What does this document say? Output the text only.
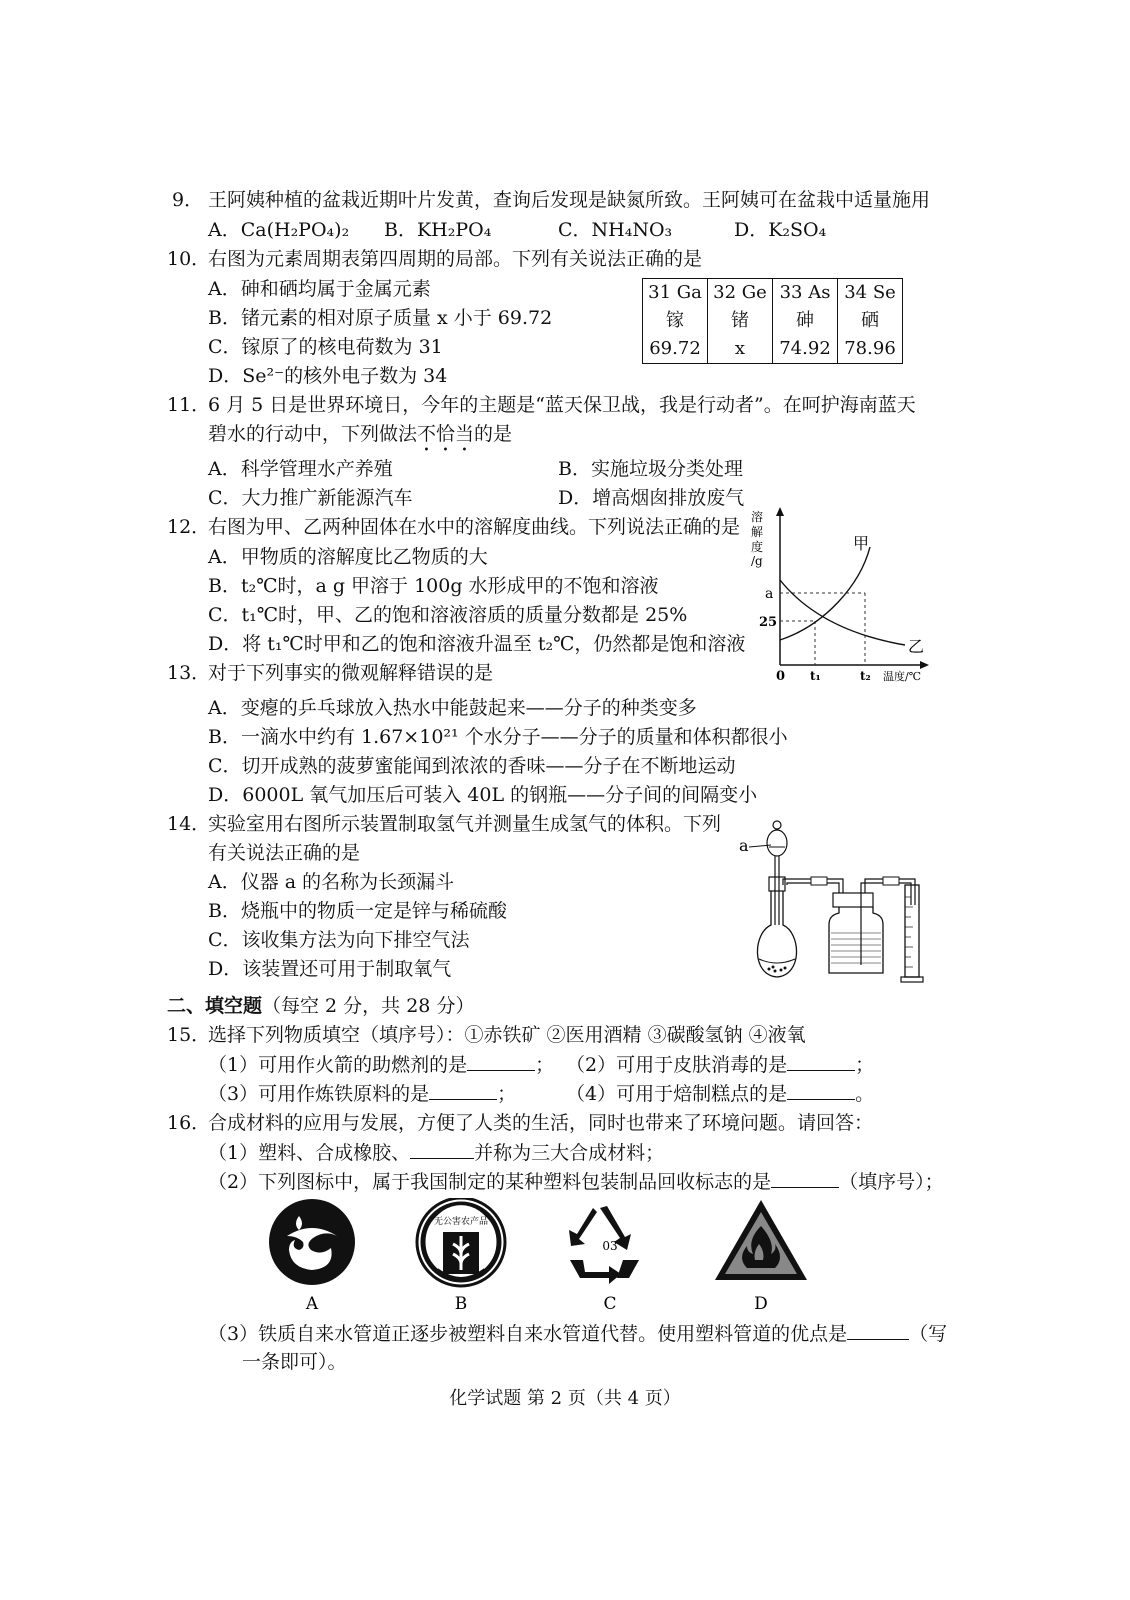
9． 王阿姨种植的盆栽近期叶片发黄，查询后发现是缺氮所致。王阿姨可在盆栽中适量施用
A．Ca(H₂PO₄)₂ B．KH₂PO₄	C．NH₄NO₃	D．K₂SO₄
10．
右图为元素周期表第四周期的局部。下列有关说法正确的是
A．砷和硒均属于金属元素
B．锗元素的相对原子质量 x 小于 69.72
C．镓原了的核电荷数为 31
D．Se²⁻的核外电子数为 34
31 Ga	32 Ge	33 As	34 Se
镓	锗	砷	硒
69.72	x	74.92	78.96
11．
6 月 5 日是世界环境日，今年的主题是“蓝天保卫战，我是行动者”。在呵护海南蓝天
碧水的行动中，下列做法不恰当的是
A．科学管理水产养殖	B．实施垃圾分类处理
C．大力推广新能源汽车	D．增高烟囱排放废气
12．
右图为甲、乙两种固体在水中的溶解度曲线。下列说法正确的是
A．甲物质的溶解度比乙物质的大
B．t₂℃时，a g 甲溶于 100g 水形成甲的不饱和溶液
C．t₁℃时，甲、乙的饱和溶液溶质的质量分数都是 25%
D．将 t₁℃时甲和乙的饱和溶液升温至 t₂℃，仍然都是饱和溶液
溶
解
度
/g
甲
乙
a
25
0 t₁	t₂ 温度/℃
13．
对于下列事实的微观解释错误的是
A．变瘪的乒乓球放入热水中能鼓起来——分子的种类变多
B．一滴水中约有 1.67×10²¹ 个水分子——分子的质量和体积都很小
C．切开成熟的菠萝蜜能闻到浓浓的香味——分子在不断地运动
D．6000L 氧气加压后可装入 40L 的钢瓶——分子间的间隔变小
14．
实验室用右图所示装置制取氢气并测量生成氢气的体积。下列
有关说法正确的是
A．仪器 a 的名称为长颈漏斗
B．烧瓶中的物质一定是锌与稀硫酸
C．该收集方法为向下排空气法
D．该装置还可用于制取氧气
a
二、填空题（每空 2 分，共 28 分）
15．
选择下列物质填空（填序号）：①赤铁矿 ②医用酒精 ③碳酸氢钠 ④液氧
（1）可用作火箭的助燃剂的是	； （2）可用于皮肤消毒的是	；
（3）可用作炼铁原料的是	；	（4）可用于焙制糕点的是	。
16．
合成材料的应用与发展，方便了人类的生活，同时也带来了环境问题。请回答：
（1）塑料、合成橡胶、	并称为三大合成材料；
（2）下列图标中，属于我国制定的某种塑料包装制品回收标志的是	（填序号）；
无公害农产品
03
A	B	C	D
（3）铁质自来水管道正逐步被塑料自来水管道代替。使用塑料管道的优点是	（写
一条即可）。
化学试题 第 2 页（共 4 页）
